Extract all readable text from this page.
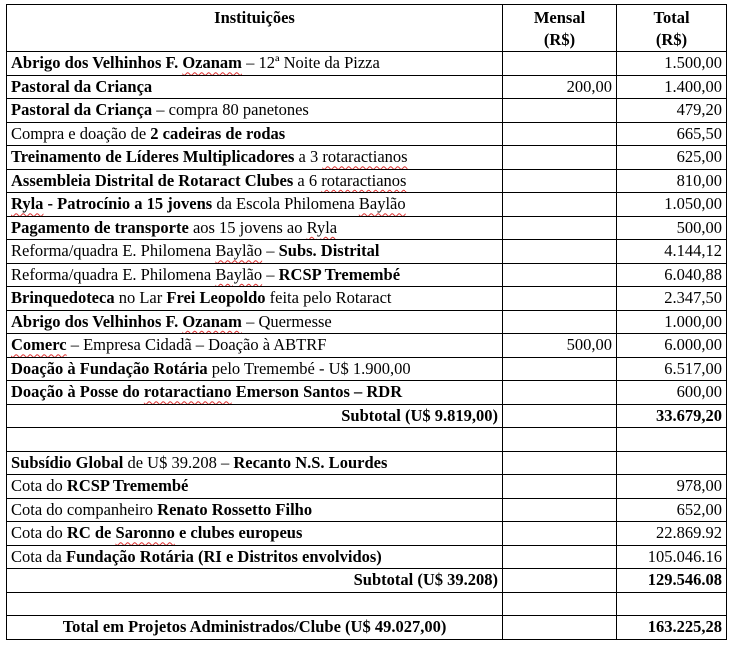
Instituições	Mensal
(R$)	Total
(R$)
Abrigo dos Velhinhos F. Ozanam – 12ª Noite da Pizza		1.500,00
Pastoral da Criança	200,00	1.400,00
Pastoral da Criança – compra 80 panetones		479,20
Compra e doação de 2 cadeiras de rodas		665,50
Treinamento de Líderes Multiplicadores a 3 rotaractianos		625,00
Assembleia Distrital de Rotaract Clubes a 6 rotaractianos		810,00
Ryla - Patrocínio a 15 jovens da Escola Philomena Baylão		1.050,00
Pagamento de transporte aos 15 jovens ao Ryla		500,00
Reforma/quadra E. Philomena Baylão – Subs. Distrital		4.144,12
Reforma/quadra E. Philomena Baylão – RCSP Tremembé		6.040,88
Brinquedoteca no Lar Frei Leopoldo feita pelo Rotaract		2.347,50
Abrigo dos Velhinhos F. Ozanam – Quermesse		1.000,00
Comerc – Empresa Cidadã – Doação à ABTRF	500,00	6.000,00
Doação à Fundação Rotária pelo Tremembé - U$ 1.900,00		6.517,00
Doação à Posse do rotaractiano Emerson Santos – RDR		600,00
Subtotal (U$ 9.819,00)		33.679,20

Subsídio Global de U$ 39.208 – Recanto N.S. Lourdes		
Cota do RCSP Tremembé		978,00
Cota do companheiro Renato Rossetto Filho		652,00
Cota do RC de Saronno e clubes europeus		22.869.92
Cota da Fundação Rotária (RI e Distritos envolvidos)		105.046.16
Subtotal (U$ 39.208)		129.546.08

Total em Projetos Administrados/Clube (U$ 49.027,00)		163.225,28
